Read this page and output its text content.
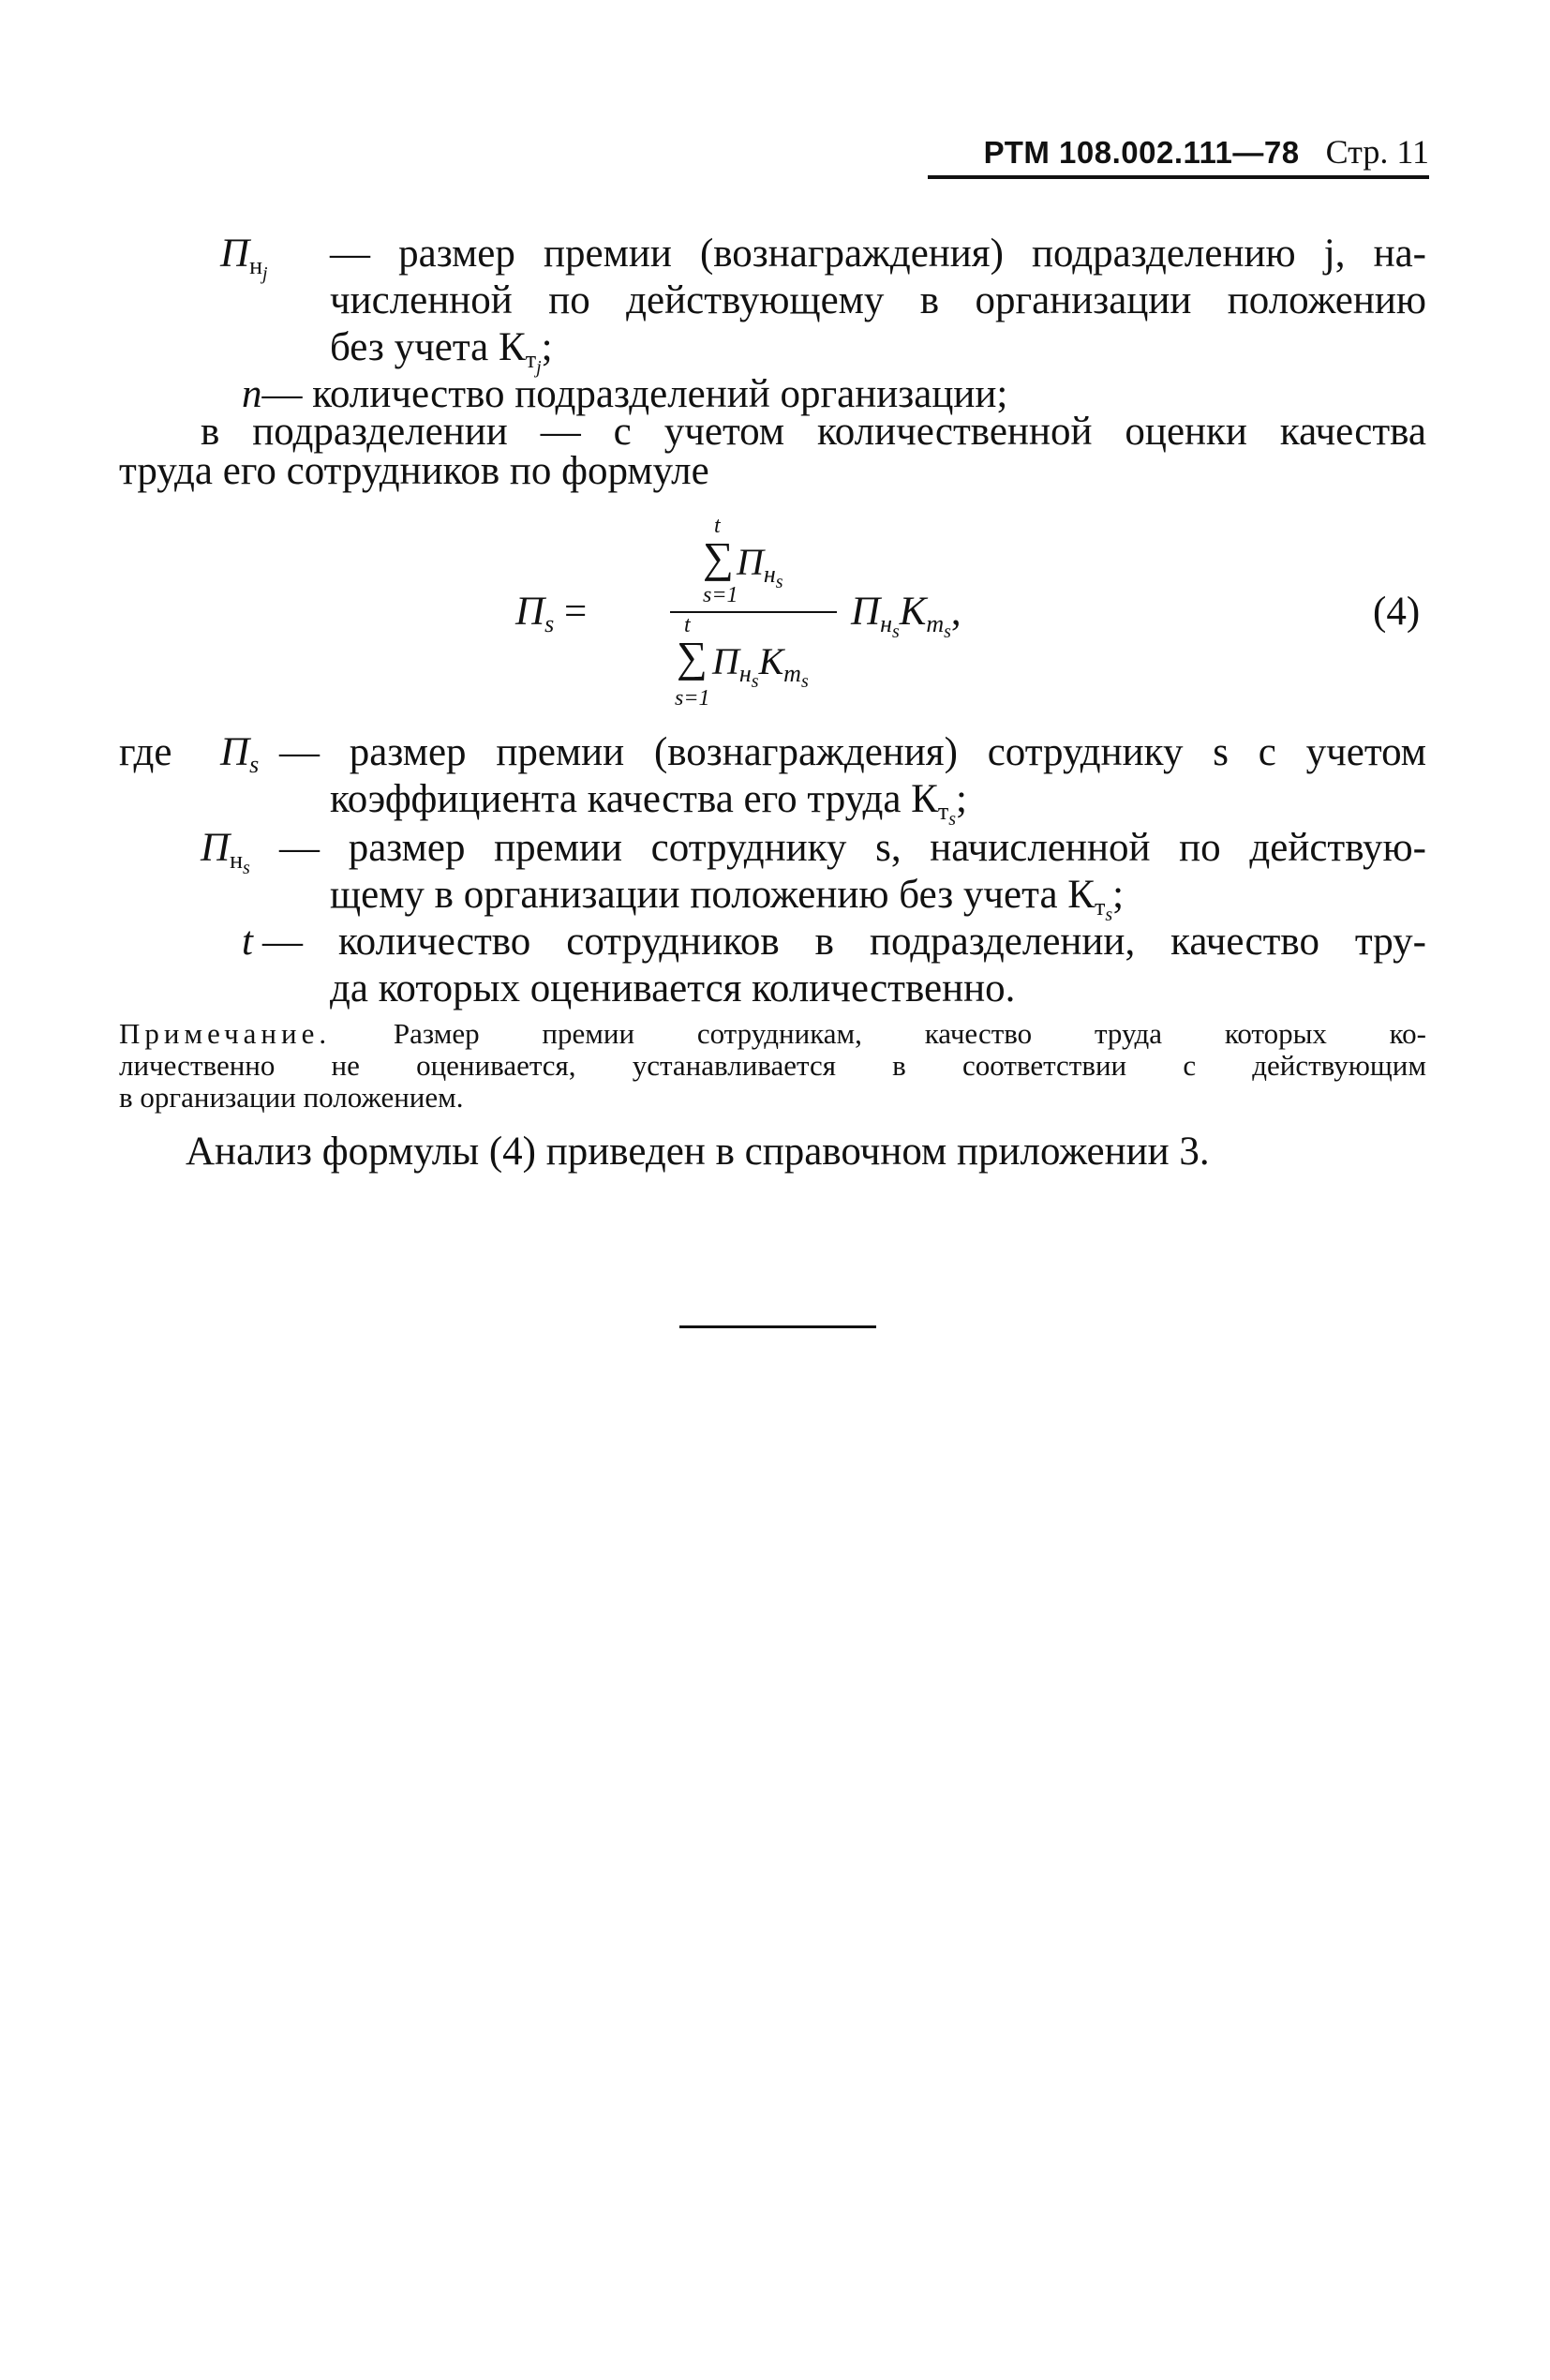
РТМ 108.002.111—78 Стр. 11
$П_{н_j}$ — размер премии (вознаграждения) подразделению j, на-
численной по действующему в организации положению
без учета $К_{т_j}$;
n— количество подразделений организации;
в подразделении — с учетом количественной оценки качества
труда его сотрудников по формуле
$П_s$ =
t
∑ $П_{н_s}$
s=1
t
∑ $П_{н_s}К_{т_s}$
s=1
$П_{н_s}К_{т_s}$,	(4)
где $П_s$ — размер премии (вознаграждения) сотруднику s с учетом
коэффициента качества его труда $К_{т_s}$;
$П_{н_s}$ — размер премии сотруднику s, начисленной по действую-
щему в организации положению без учета $К_{т_s}$;
t — количество сотрудников в подразделении, качество тру-
да которых оценивается количественно.
Примечание. Размер премии сотрудникам, качество труда которых ко-
личественно не оценивается, устанавливается в соответствии с действующим
в организации положением.
Анализ формулы (4) приведен в справочном приложении 3.
